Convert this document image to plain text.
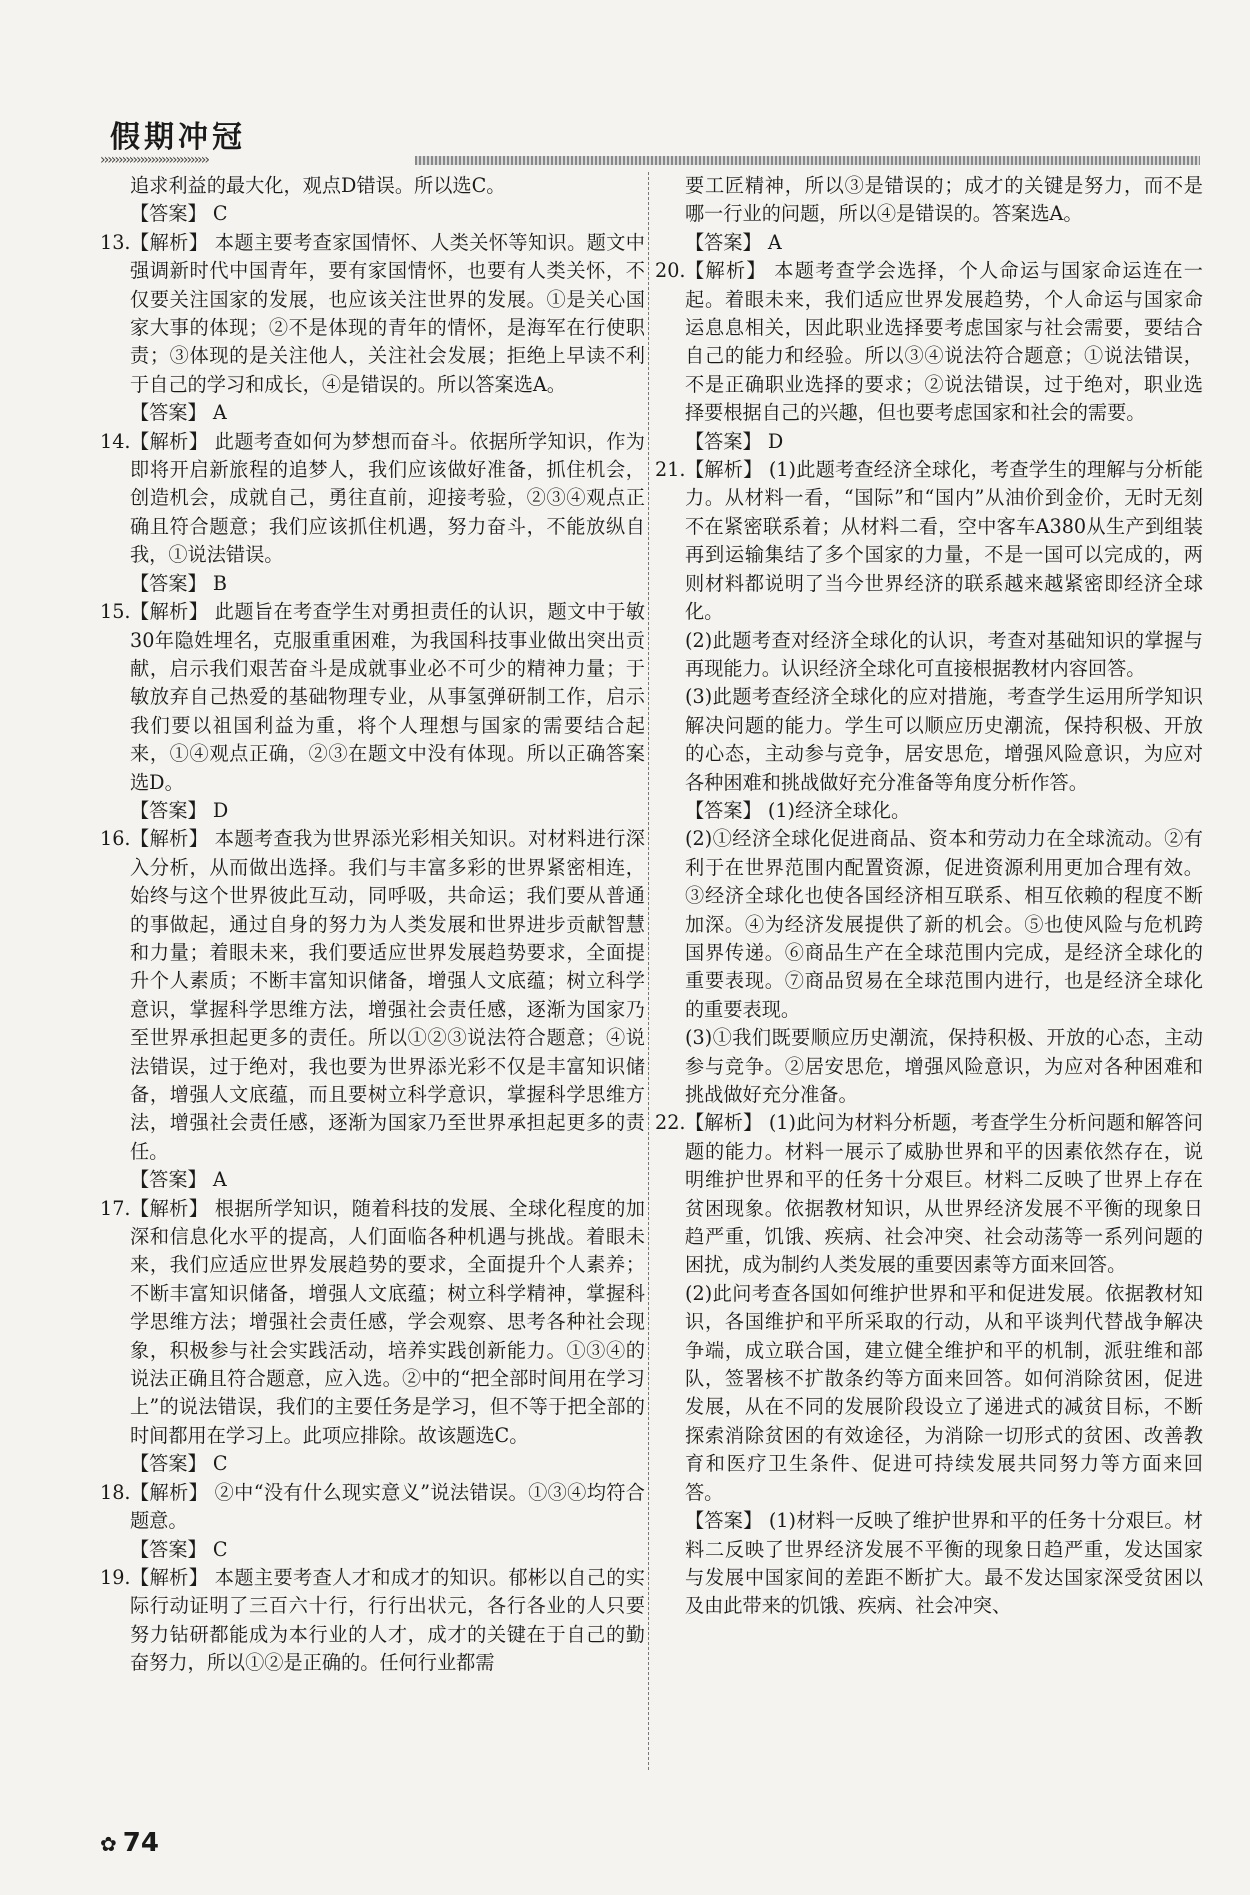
假期冲冠
››››››››››››››››››››››››››››››

追求利益的最大化，观点D错误。所以选C。

【答案】 C

13. 【解析】 本题主要考查家国情怀、人类关怀等知识。题文中强调新时代中国青年，要有家国情怀，也要有人类关怀，不仅要关注国家的发展，也应该关注世界的发展。①是关心国家大事的体现；②不是体现的青年的情怀，是海军在行使职责；③体现的是关注他人，关注社会发展；拒绝上早读不利于自己的学习和成长，④是错误的。所以答案选A。

【答案】 A

14. 【解析】 此题考查如何为梦想而奋斗。依据所学知识，作为即将开启新旅程的追梦人，我们应该做好准备，抓住机会，创造机会，成就自己，勇往直前，迎接考验，②③④观点正确且符合题意；我们应该抓住机遇，努力奋斗，不能放纵自我，①说法错误。

【答案】 B

15. 【解析】 此题旨在考查学生对勇担责任的认识，题文中于敏30年隐姓埋名，克服重重困难，为我国科技事业做出突出贡献，启示我们艰苦奋斗是成就事业必不可少的精神力量；于敏放弃自己热爱的基础物理专业，从事氢弹研制工作，启示我们要以祖国利益为重，将个人理想与国家的需要结合起来，①④观点正确，②③在题文中没有体现。所以正确答案选D。

【答案】 D

16. 【解析】 本题考查我为世界添光彩相关知识。对材料进行深入分析，从而做出选择。我们与丰富多彩的世界紧密相连，始终与这个世界彼此互动，同呼吸，共命运；我们要从普通的事做起，通过自身的努力为人类发展和世界进步贡献智慧和力量；着眼未来，我们要适应世界发展趋势要求，全面提升个人素质；不断丰富知识储备，增强人文底蕴；树立科学意识，掌握科学思维方法，增强社会责任感，逐渐为国家乃至世界承担起更多的责任。所以①②③说法符合题意；④说法错误，过于绝对，我也要为世界添光彩不仅是丰富知识储备，增强人文底蕴，而且要树立科学意识，掌握科学思维方法，增强社会责任感，逐渐为国家乃至世界承担起更多的责任。

【答案】 A

17. 【解析】 根据所学知识，随着科技的发展、全球化程度的加深和信息化水平的提高，人们面临各种机遇与挑战。着眼未来，我们应适应世界发展趋势的要求，全面提升个人素养；不断丰富知识储备，增强人文底蕴；树立科学精神，掌握科学思维方法；增强社会责任感，学会观察、思考各种社会现象，积极参与社会实践活动，培养实践创新能力。①③④的说法正确且符合题意，应入选。②中的“把全部时间用在学习上”的说法错误，我们的主要任务是学习，但不等于把全部的时间都用在学习上。此项应排除。故该题选C。

【答案】 C

18. 【解析】 ②中“没有什么现实意义”说法错误。①③④均符合题意。

【答案】 C

19. 【解析】 本题主要考查人才和成才的知识。郁彬以自己的实际行动证明了三百六十行，行行出状元，各行各业的人只要努力钻研都能成为本行业的人才，成才的关键在于自己的勤奋努力，所以①②是正确的。任何行业都需

要工匠精神，所以③是错误的；成才的关键是努力，而不是哪一行业的问题，所以④是错误的。答案选A。

【答案】 A

20. 【解析】 本题考查学会选择，个人命运与国家命运连在一起。着眼未来，我们适应世界发展趋势，个人命运与国家命运息息相关，因此职业选择要考虑国家与社会需要，要结合自己的能力和经验。所以③④说法符合题意；①说法错误，不是正确职业选择的要求；②说法错误，过于绝对，职业选择要根据自己的兴趣，但也要考虑国家和社会的需要。

【答案】 D

21. 【解析】 (1)此题考查经济全球化，考查学生的理解与分析能力。从材料一看，“国际”和“国内”从油价到金价，无时无刻不在紧密联系着；从材料二看，空中客车A380从生产到组装再到运输集结了多个国家的力量，不是一国可以完成的，两则材料都说明了当今世界经济的联系越来越紧密即经济全球化。

(2)此题考查对经济全球化的认识，考查对基础知识的掌握与再现能力。认识经济全球化可直接根据教材内容回答。

(3)此题考查经济全球化的应对措施，考查学生运用所学知识解决问题的能力。学生可以顺应历史潮流，保持积极、开放的心态，主动参与竞争，居安思危，增强风险意识，为应对各种困难和挑战做好充分准备等角度分析作答。

【答案】 (1)经济全球化。

(2)①经济全球化促进商品、资本和劳动力在全球流动。②有利于在世界范围内配置资源，促进资源利用更加合理有效。③经济全球化也使各国经济相互联系、相互依赖的程度不断加深。④为经济发展提供了新的机会。⑤也使风险与危机跨国界传递。⑥商品生产在全球范围内完成，是经济全球化的重要表现。⑦商品贸易在全球范围内进行，也是经济全球化的重要表现。

(3)①我们既要顺应历史潮流，保持积极、开放的心态，主动参与竞争。②居安思危，增强风险意识，为应对各种困难和挑战做好充分准备。

22. 【解析】 (1)此问为材料分析题，考查学生分析问题和解答问题的能力。材料一展示了威胁世界和平的因素依然存在，说明维护世界和平的任务十分艰巨。材料二反映了世界上存在贫困现象。依据教材知识，从世界经济发展不平衡的现象日趋严重，饥饿、疾病、社会冲突、社会动荡等一系列问题的困扰，成为制约人类发展的重要因素等方面来回答。

(2)此问考查各国如何维护世界和平和促进发展。依据教材知识，各国维护和平所采取的行动，从和平谈判代替战争解决争端，成立联合国，建立健全维护和平的机制，派驻维和部队，签署核不扩散条约等方面来回答。如何消除贫困，促进发展，从在不同的发展阶段设立了递进式的减贫目标，不断探索消除贫困的有效途径，为消除一切形式的贫困、改善教育和医疗卫生条件、促进可持续发展共同努力等方面来回答。

【答案】 (1)材料一反映了维护世界和平的任务十分艰巨。材料二反映了世界经济发展不平衡的现象日趋严重，发达国家与发展中国家间的差距不断扩大。最不发达国家深受贫困以及由此带来的饥饿、疾病、社会冲突、

✿ 74
